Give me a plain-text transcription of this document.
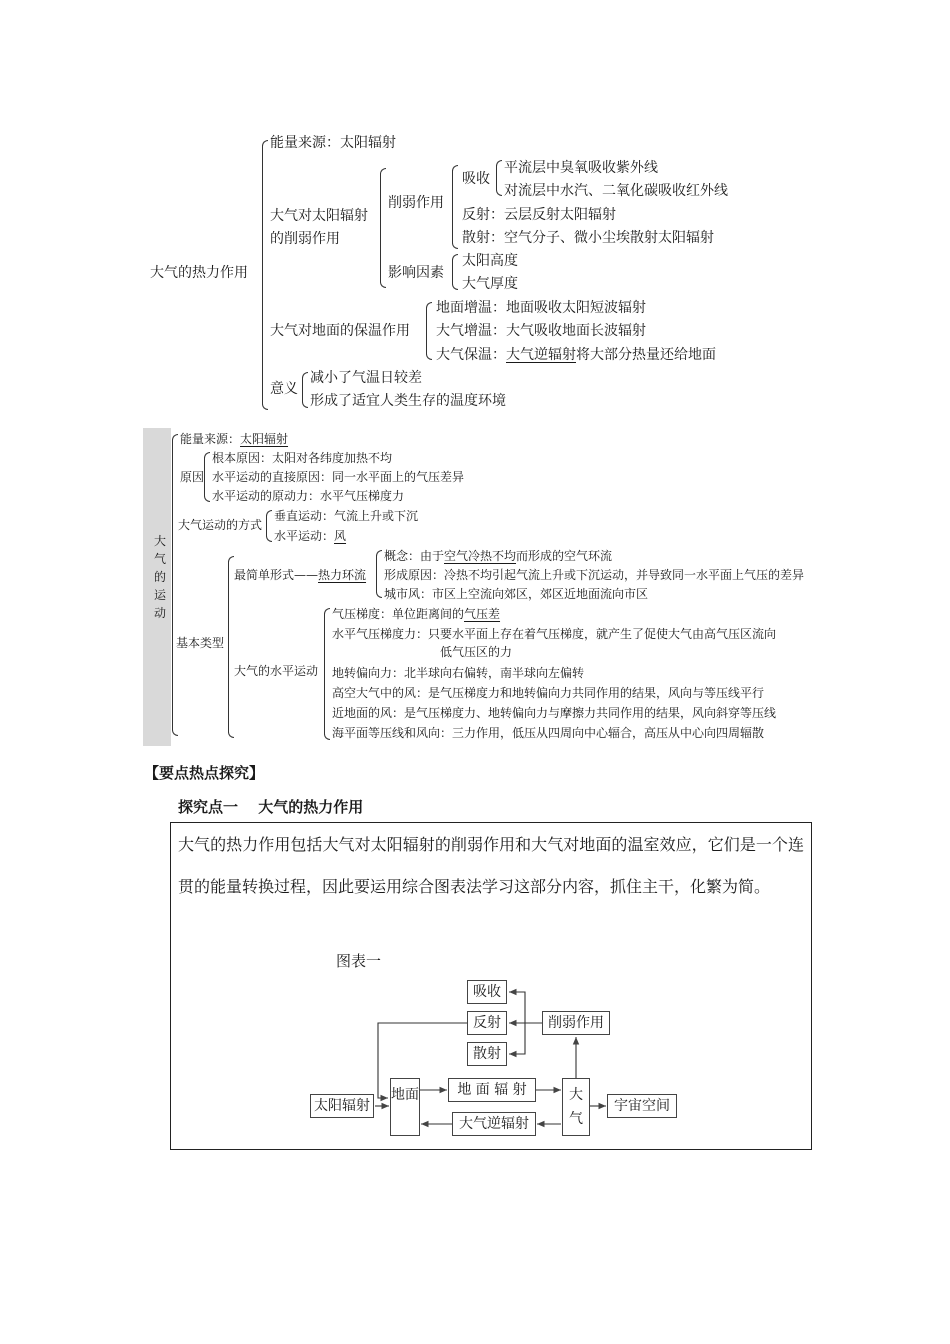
大气的热力作用
能量来源：太阳辐射
大气对太阳辐射
的削弱作用
削弱作用
影响因素
吸收
平流层中臭氧吸收紫外线
对流层中水汽、二氧化碳吸收红外线
反射：云层反射太阳辐射
散射：空气分子、微小尘埃散射太阳辐射
太阳高度
大气厚度
大气对地面的保温作用
地面增温：地面吸收太阳短波辐射
大气增温：大气吸收地面长波辐射
大气保温：大气逆辐射将大部分热量还给地面
意义
减小了气温日较差
形成了适宜人类生存的温度环境
大气的运动
能量来源：太阳辐射
原因
根本原因：太阳对各纬度加热不均
水平运动的直接原因：同一水平面上的气压差异
水平运动的原动力：水平气压梯度力
大气运动的方式
垂直运动：气流上升或下沉
水平运动：风
基本类型
最简单形式——热力环流
概念：由于空气冷热不均而形成的空气环流
形成原因：冷热不均引起气流上升或下沉运动，并导致同一水平面上气压的差异
城市风：市区上空流向郊区，郊区近地面流向市区
大气的水平运动
气压梯度：单位距离间的气压差
水平气压梯度力：只要水平面上存在着气压梯度，就产生了促使大气由高气压区流向
低气压区的力
地转偏向力：北半球向右偏转，南半球向左偏转
高空大气中的风：是气压梯度力和地转偏向力共同作用的结果，风向与等压线平行
近地面的风：是气压梯度力、地转偏向力与摩擦力共同作用的结果，风向斜穿等压线
海平面等压线和风向：三力作用，低压从四周向中心辐合，高压从中心向四周辐散
【要点热点探究】
探究点一　 大气的热力作用
大气的热力作用包括大气对太阳辐射的削弱作用和大气对地面的温室效应，它们是一个连贯的能量转换过程，因此要运用综合图表法学习这部分内容，抓住主干，化繁为简。
图表一
吸收
反射
散射
削弱作用
太阳辐射
地面	地 面 辐 射	大气
宇宙空间
大气逆辐射
